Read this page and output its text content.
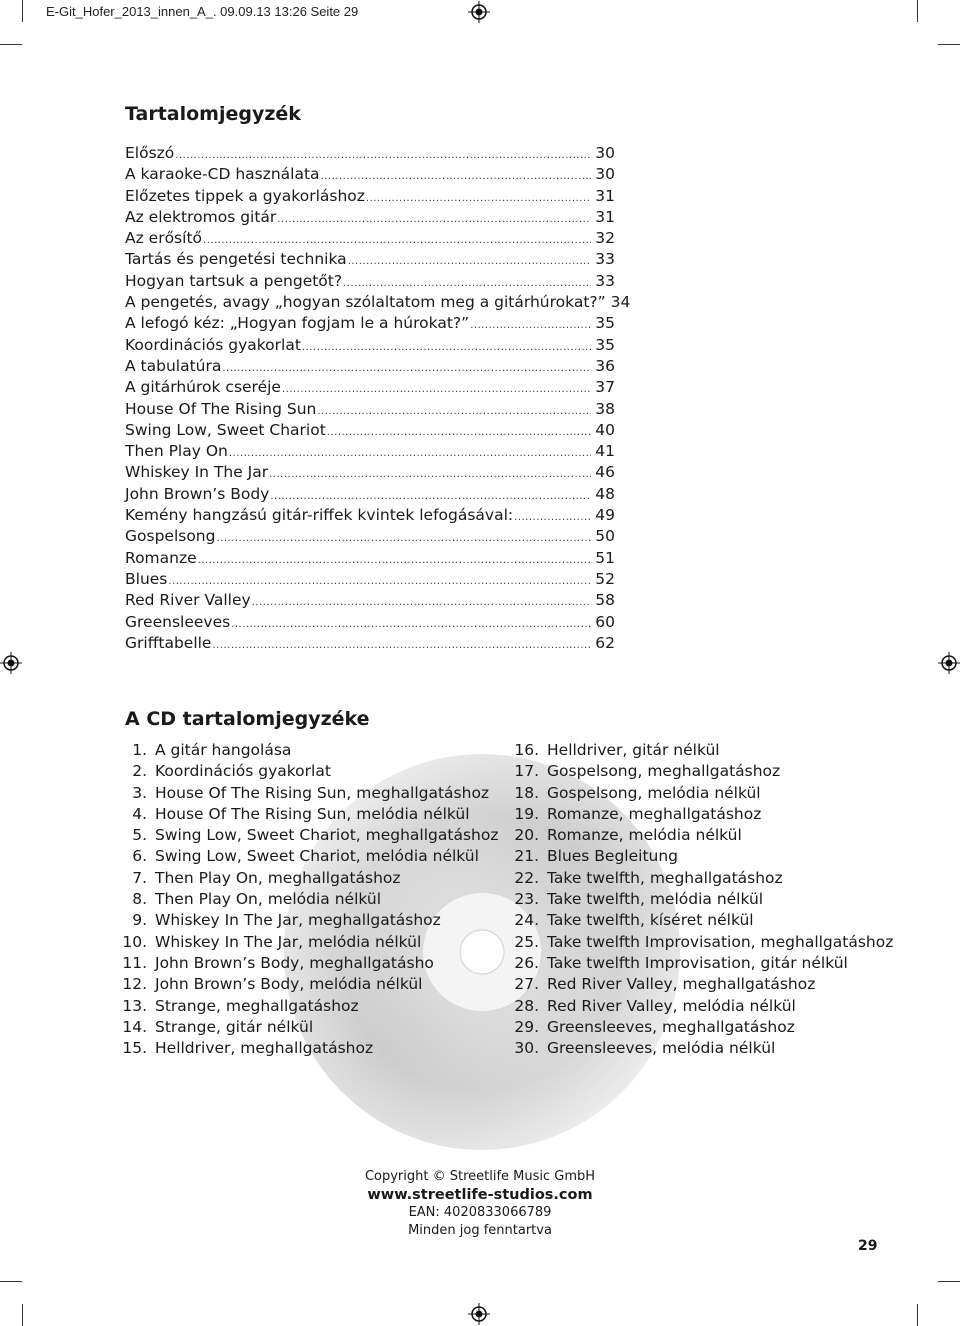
E-Git_Hofer_2013_innen_A_. 09.09.13 13:26 Seite 29
Tartalomjegyzék
Előszó .....	30
A karaoke-CD használata .....	30
Előzetes tippek a gyakorláshoz .....	31
Az elektromos gitár .....	31
Az erősítő .....	32
Tartás és pengetési technika .....	33
Hogyan tartsuk a pengetőt? .....	33
A pengetés, avagy „hogyan szólaltatom meg a gitárhúrokat?” 34
A lefogó kéz: „Hogyan fogjam le a húrokat?” .....	35
Koordinációs gyakorlat .....	35
A tabulatúra .....	36
A gitárhúrok cseréje .....	37
House Of The Rising Sun .....	38
Swing Low, Sweet Chariot .....	40
Then Play On .....	41
Whiskey In The Jar .....	46
John Brown’s Body .....	48
Kemény hangzású gitár-riffek kvintek lefogásával: .....	49
Gospelsong .....	50
Romanze .....	51
Blues .....	52
Red River Valley .....	58
Greensleeves .....	60
Grifftabelle .....	62
A CD tartalomjegyzéke
1. A gitár hangolása
2. Koordinációs gyakorlat
3. House Of The Rising Sun, meghallgatáshoz
4. House Of The Rising Sun, melódia nélkül
5. Swing Low, Sweet Chariot, meghallgatáshoz
6. Swing Low, Sweet Chariot, melódia nélkül
7. Then Play On, meghallgatáshoz
8. Then Play On, melódia nélkül
9. Whiskey In The Jar, meghallgatáshoz
10. Whiskey In The Jar, melódia nélkül
11. John Brown’s Body, meghallgatásho
12. John Brown’s Body, melódia nélkül
13. Strange, meghallgatáshoz
14. Strange, gitár nélkül
15. Helldriver, meghallgatáshoz
16. Helldriver, gitár nélkül
17. Gospelsong, meghallgatáshoz
18. Gospelsong, melódia nélkül
19. Romanze, meghallgatáshoz
20. Romanze, melódia nélkül
21. Blues Begleitung
22. Take twelfth, meghallgatáshoz
23. Take twelfth, melódia nélkül
24. Take twelfth, kíséret nélkül
25. Take twelfth Improvisation, meghallgatáshoz
26. Take twelfth Improvisation, gitár nélkül
27. Red River Valley, meghallgatáshoz
28. Red River Valley, melódia nélkül
29. Greensleeves, meghallgatáshoz
30. Greensleeves, melódia nélkül
Copyright © Streetlife Music GmbH
www.streetlife-studios.com
EAN: 4020833066789
Minden jog fenntartva
29
